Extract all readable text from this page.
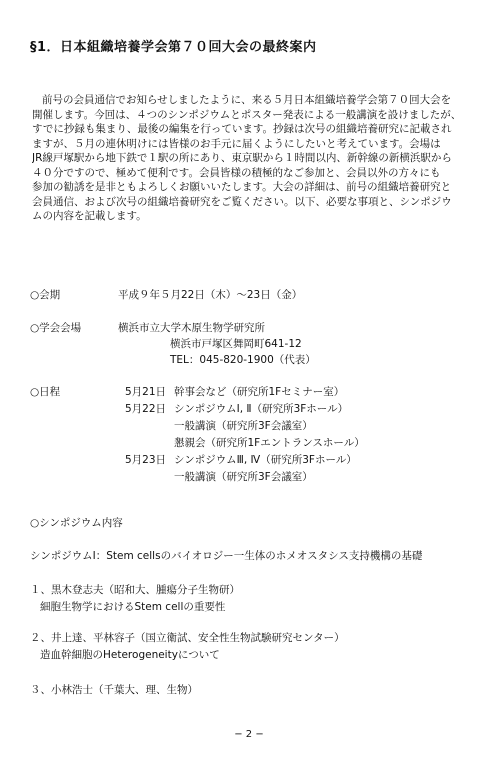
§1．日本組織培養学会第７０回大会の最終案内
前号の会員通信でお知らせしましたように、来る５月日本組織培養学会第７０回大会を
開催します。今回は、４つのシンポジウムとポスター発表による一般講演を設けましたが、
すでに抄録も集まり、最後の編集を行っています。抄録は次号の組織培養研究に記載され
ますが、５月の連休明けには皆様のお手元に届くようにしたいと考えています。会場は
JR線戸塚駅から地下鉄で１駅の所にあり、東京駅から１時間以内、新幹線の新横浜駅から
４０分ですので、極めて便利です。会員皆様の積極的なご参加と、会員以外の方々にも
参加の勧誘を是非ともよろしくお願いいたします。大会の詳細は、前号の組織培養研究と
会員通信、および次号の組織培養研究をご覧ください。以下、必要な事項と、シンポジウ
ムの内容を記載します。
○会期	平成９年５月22日（木）〜23日（金）
○学会会場	横浜市立大学木原生物学研究所
横浜市戸塚区舞岡町641-12
TEL：045-820-1900（代表）
○日程	5月21日 幹事会など（研究所1Fセミナー室）
5月22日 シンポジウムⅠ, Ⅱ（研究所3Fホール）
一般講演（研究所3F会議室）
懇親会（研究所1Fエントランスホール）
5月23日 シンポジウムⅢ, Ⅳ（研究所3Fホール）
一般講演（研究所3F会議室）
○シンポジウム内容
シンポジウムⅠ：Stem cellsのバイオロジー一生体のホメオスタシス支持機構の基礎
１、黒木登志夫（昭和大、腫瘍分子生物研）
細胞生物学におけるStem cellの重要性
２、井上達、平林容子（国立衛試、安全性生物試験研究センター）
造血幹細胞のHeterogeneityについて
３、小林浩士（千葉大、理、生物）
− 2 −
